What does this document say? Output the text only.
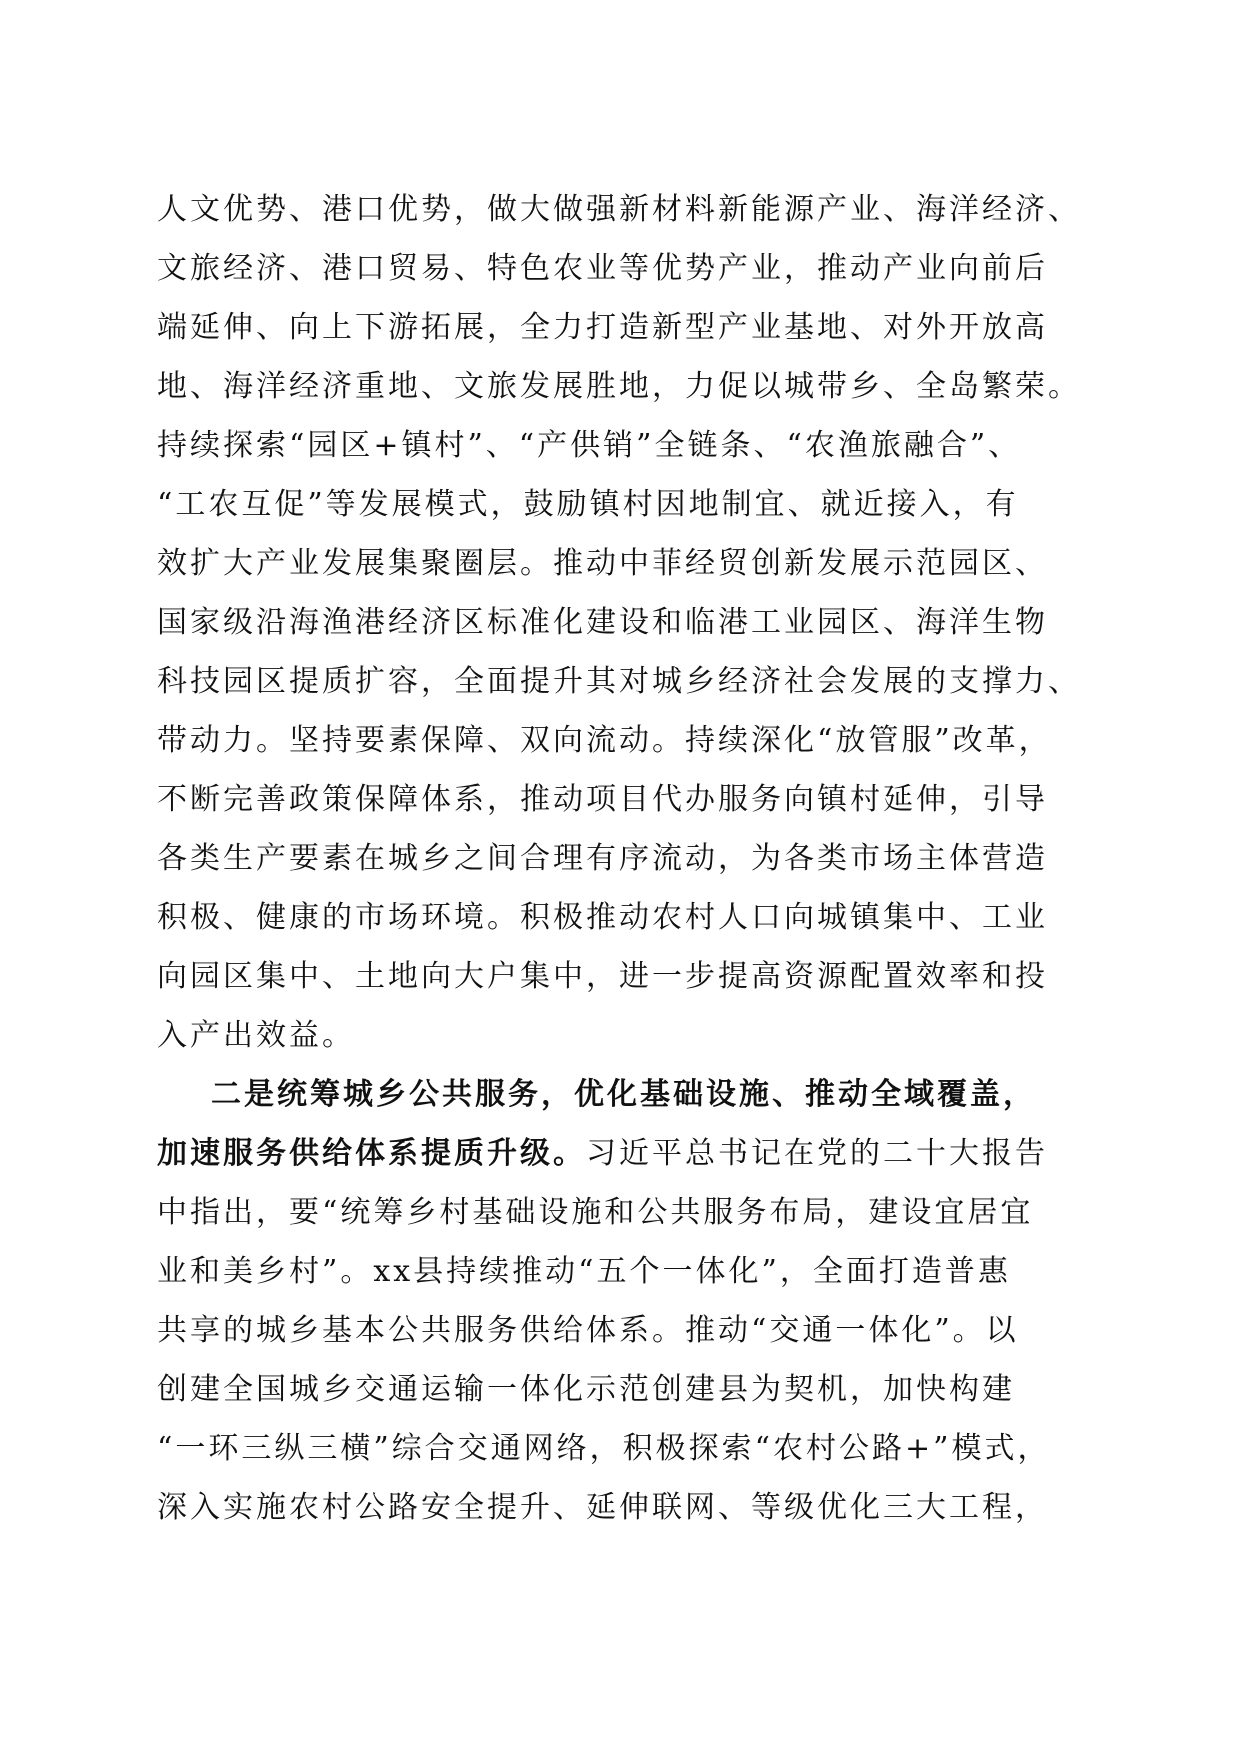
人文优势、港口优势，做大做强新材料新能源产业、海洋经济、
文旅经济、港口贸易、特色农业等优势产业，推动产业向前后
端延伸、向上下游拓展，全力打造新型产业基地、对外开放高
地、海洋经济重地、文旅发展胜地，力促以城带乡、全岛繁荣。
持续探索“园区+镇村”、“产供销”全链条、“农渔旅融合”、
“工农互促”等发展模式，鼓励镇村因地制宜、就近接入，有
效扩大产业发展集聚圈层。推动中菲经贸创新发展示范园区、
国家级沿海渔港经济区标准化建设和临港工业园区、海洋生物
科技园区提质扩容，全面提升其对城乡经济社会发展的支撑力、
带动力。坚持要素保障、双向流动。持续深化“放管服”改革，
不断完善政策保障体系，推动项目代办服务向镇村延伸，引导
各类生产要素在城乡之间合理有序流动，为各类市场主体营造
积极、健康的市场环境。积极推动农村人口向城镇集中、工业
向园区集中、土地向大户集中，进一步提高资源配置效率和投
入产出效益。
二是统筹城乡公共服务，优化基础设施、推动全域覆盖，
加速服务供给体系提质升级。习近平总书记在党的二十大报告
中指出，要“统筹乡村基础设施和公共服务布局，建设宜居宜
业和美乡村”。xx县持续推动“五个一体化”，全面打造普惠
共享的城乡基本公共服务供给体系。推动“交通一体化”。以
创建全国城乡交通运输一体化示范创建县为契机，加快构建
“一环三纵三横”综合交通网络，积极探索“农村公路+”模式，
深入实施农村公路安全提升、延伸联网、等级优化三大工程，
